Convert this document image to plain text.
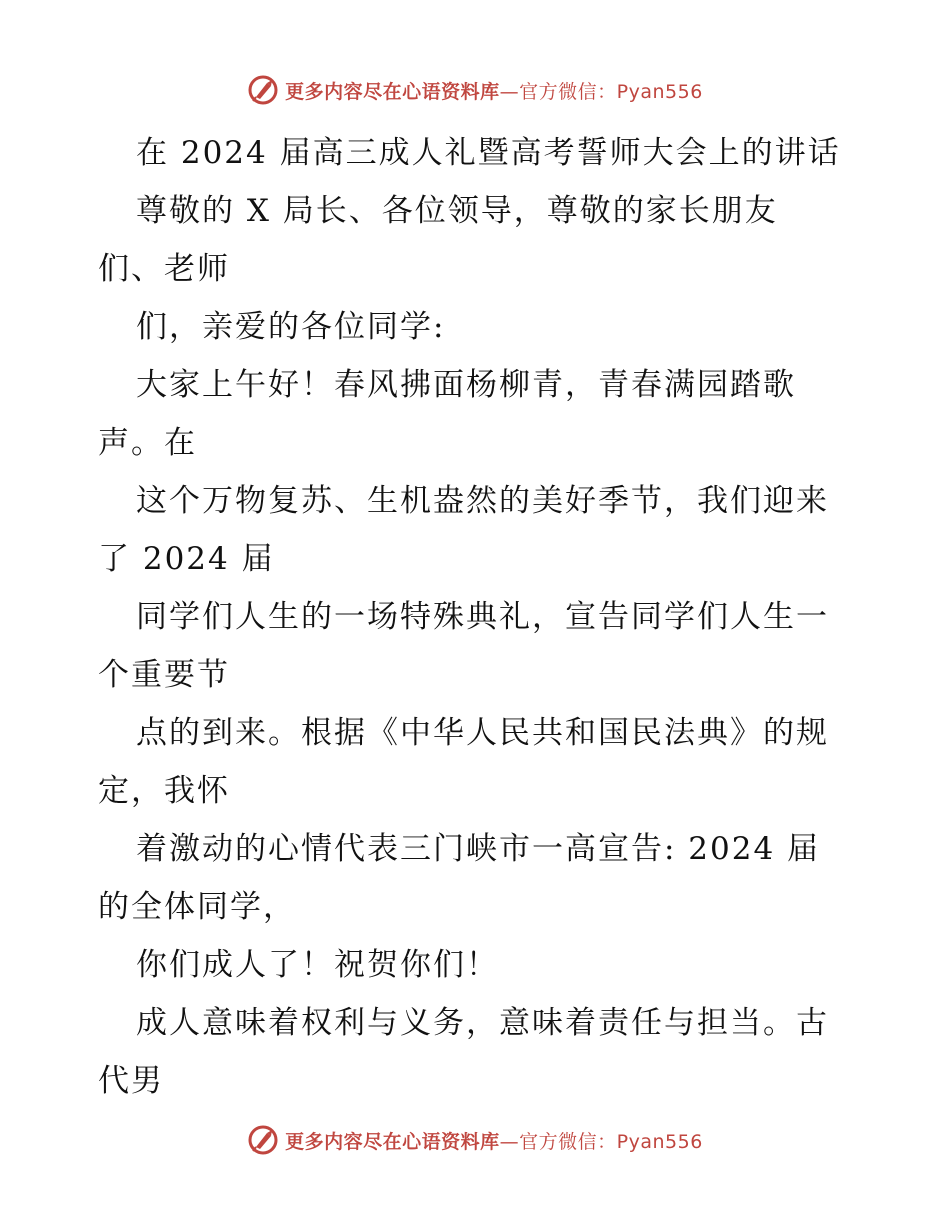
更多内容尽在心语资料库—官方微信：Pyan556
在 2024 届高三成人礼暨高考誓师大会上的讲话
尊敬的 X 局长、各位领导，尊敬的家长朋友
们、老师
们，亲爱的各位同学:
大家上午好！春风拂面杨柳青，青春满园踏歌
声。在
这个万物复苏、生机盎然的美好季节，我们迎来
了 2024 届
同学们人生的一场特殊典礼，宣告同学们人生一
个重要节
点的到来。根据《中华人民共和国民法典》的规
定，我怀
着激动的心情代表三门峡市一高宣告: 2024 届
的全体同学，
你们成人了！祝贺你们！
成人意味着权利与义务，意味着责任与担当。古
代男
更多内容尽在心语资料库—官方微信：Pyan556
